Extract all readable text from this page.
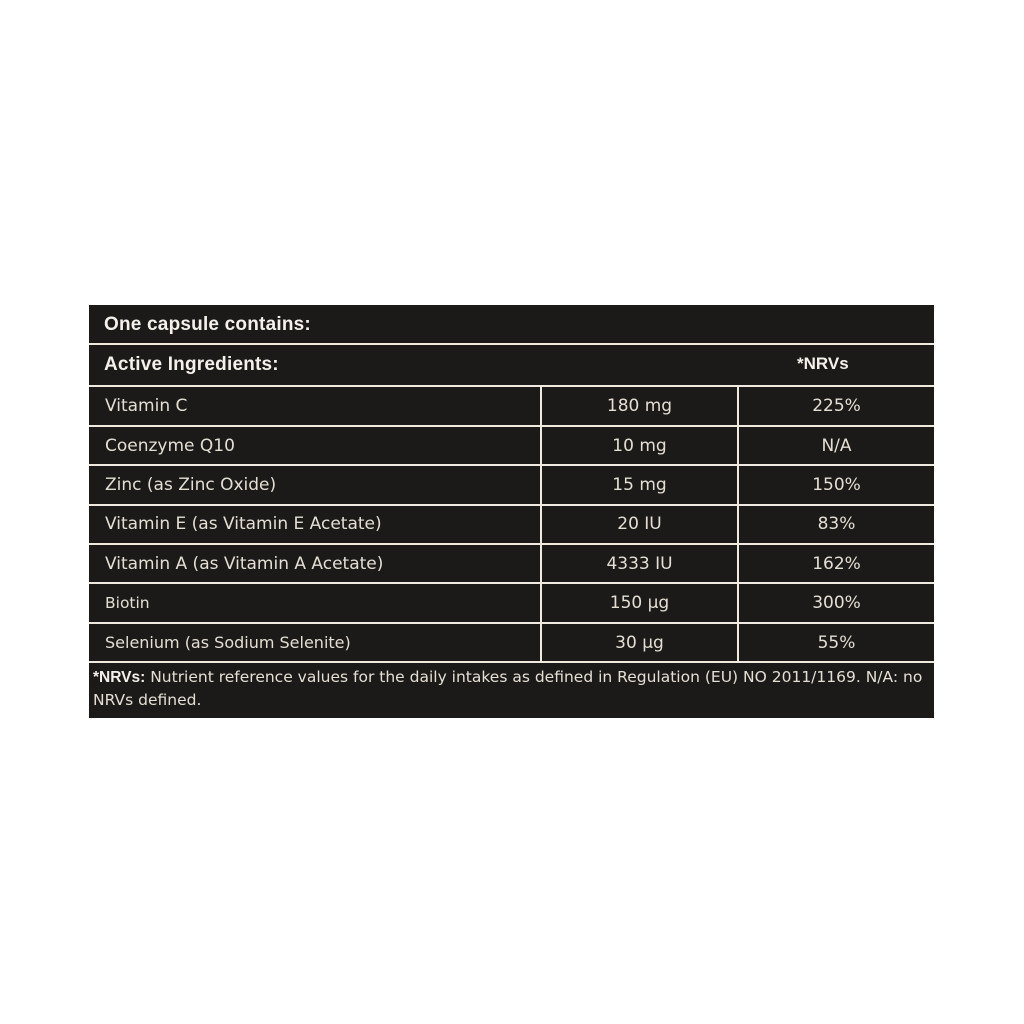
One capsule contains:
Active Ingredients:	*NRVs
Vitamin C	180 mg	225%
Coenzyme Q10	10 mg	N/A
Zinc (as Zinc Oxide)	15 mg	150%
Vitamin E (as Vitamin E Acetate)	20 IU	83%
Vitamin A (as Vitamin A Acetate)	4333 IU	162%
Biotin	150 µg	300%
Selenium (as Sodium Selenite)	30 µg	55%
*NRVs: Nutrient reference values for the daily intakes as defined in Regulation (EU) NO 2011/1169. N/A: no NRVs defined.
